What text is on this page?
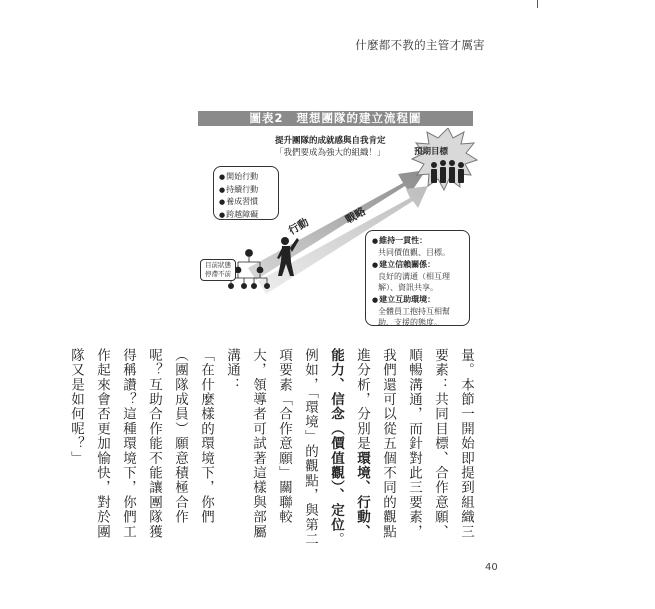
什麼都不教的主管才厲害
圖表2 理想團隊的建立流程圖
提升團隊的成就感與自我肯定
「我們要成為強大的組織！」	預期目標
● 開始行動
● 持續行動
● 養成習慣
● 跨越障礙
目前狀態
停滯不前
行動
戰略
● 維持一貫性：
共同價值觀、目標。
● 建立信賴關係：
良好的溝通（相互理解）、資訊共享。
● 建立互助環境：
全體員工抱持互相幫助、支援的態度。

量。本節一開始即提到組織三要素：共同目標、合作意願、順暢溝通，而針對此三要素，我們還可以從五個不同的觀點進分析，分別是環境、行動、能力、信念（價值觀）、定位。

例如，「環境」的觀點，與第二項要素「合作意願」關聯較大，領導者可試著這樣與部屬溝通：

「在什麼樣的環境下，你們（團隊成員）願意積極合作呢？互助合作能不能讓團隊獲得稱讚？這種環境下，你們工作起來會否更加愉快，對於團隊又是如何呢？」

40
